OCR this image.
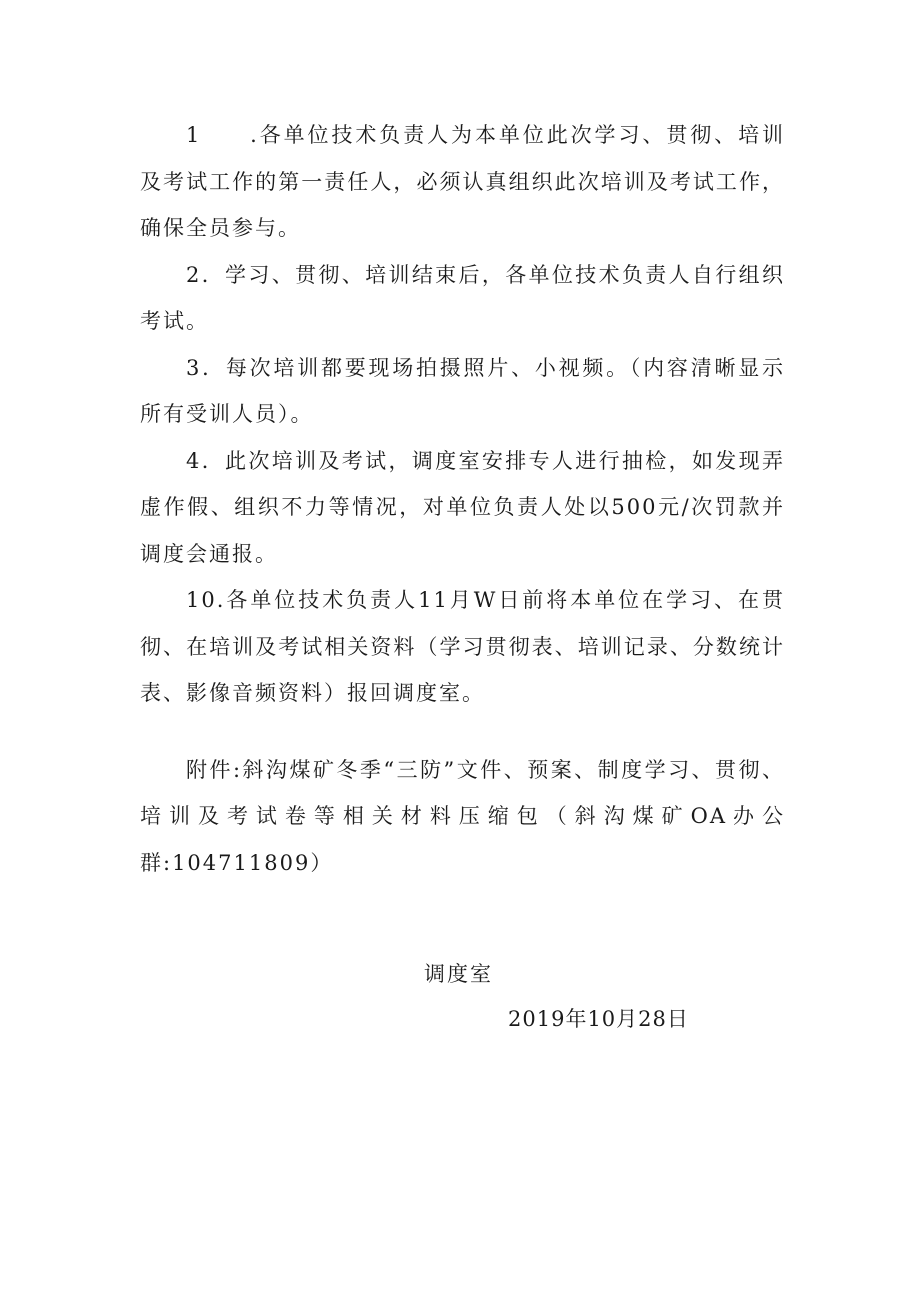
1　　.各单位技术负责人为本单位此次学习、贯彻、培训及考试工作的第一责任人，必须认真组织此次培训及考试工作，确保全员参与。

2．学习、贯彻、培训结束后，各单位技术负责人自行组织考试。

3．每次培训都要现场拍摄照片、小视频。（内容清晰显示所有受训人员）。

4．此次培训及考试，调度室安排专人进行抽检，如发现弄虚作假、组织不力等情况，对单位负责人处以500元/次罚款并调度会通报。

10.各单位技术负责人11月W日前将本单位在学习、在贯彻、在培训及考试相关资料（学习贯彻表、培训记录、分数统计表、影像音频资料）报回调度室。

附件:斜沟煤矿冬季“三防”文件、预案、制度学习、贯彻、培训及考试卷等相关材料压缩包（斜沟煤矿OA办公群:104711809）

调度室
2019年10月28日
